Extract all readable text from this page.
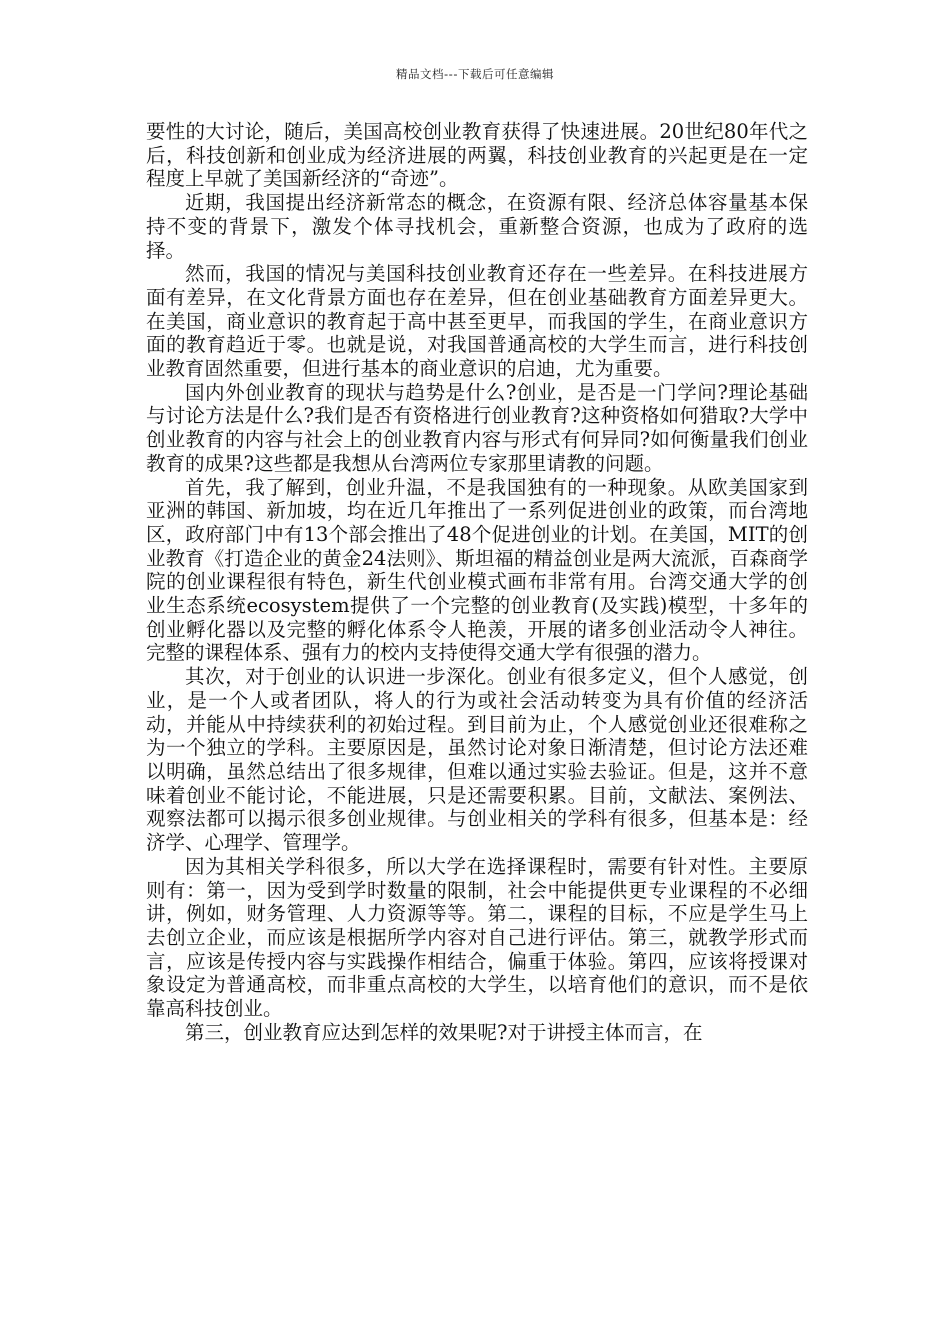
精品文档---下载后可任意编辑

要性的大讨论，随后，美国高校创业教育获得了快速进展。20世纪80年代之后，科技创新和创业成为经济进展的两翼，科技创业教育的兴起更是在一定程度上早就了美国新经济的“奇迹”。

近期，我国提出经济新常态的概念，在资源有限、经济总体容量基本保持不变的背景下，激发个体寻找机会，重新整合资源，也成为了政府的选择。

然而，我国的情况与美国科技创业教育还存在一些差异。在科技进展方面有差异，在文化背景方面也存在差异，但在创业基础教育方面差异更大。在美国，商业意识的教育起于高中甚至更早，而我国的学生，在商业意识方面的教育趋近于零。也就是说，对我国普通高校的大学生而言，进行科技创业教育固然重要，但进行基本的商业意识的启迪，尤为重要。

国内外创业教育的现状与趋势是什么?创业，是否是一门学问?理论基础与讨论方法是什么?我们是否有资格进行创业教育?这种资格如何猎取?大学中创业教育的内容与社会上的创业教育内容与形式有何异同?如何衡量我们创业教育的成果?这些都是我想从台湾两位专家那里请教的问题。

首先，我了解到，创业升温，不是我国独有的一种现象。从欧美国家到亚洲的韩国、新加坡，均在近几年推出了一系列促进创业的政策，而台湾地区，政府部门中有13个部会推出了48个促进创业的计划。在美国，MIT的创业教育《打造企业的黄金24法则》、斯坦福的精益创业是两大流派，百森商学院的创业课程很有特色，新生代创业模式画布非常有用。台湾交通大学的创业生态系统ecosystem提供了一个完整的创业教育(及实践)模型，十多年的创业孵化器以及完整的孵化体系令人艳羡，开展的诸多创业活动令人神往。完整的课程体系、强有力的校内支持使得交通大学有很强的潜力。

其次，对于创业的认识进一步深化。创业有很多定义，但个人感觉，创业，是一个人或者团队，将人的行为或社会活动转变为具有价值的经济活动，并能从中持续获利的初始过程。到目前为止，个人感觉创业还很难称之为一个独立的学科。主要原因是，虽然讨论对象日渐清楚，但讨论方法还难以明确，虽然总结出了很多规律，但难以通过实验去验证。但是，这并不意味着创业不能讨论，不能进展，只是还需要积累。目前，文献法、案例法、观察法都可以揭示很多创业规律。与创业相关的学科有很多，但基本是：经济学、心理学、管理学。

因为其相关学科很多，所以大学在选择课程时，需要有针对性。主要原则有：第一，因为受到学时数量的限制，社会中能提供更专业课程的不必细讲，例如，财务管理、人力资源等等。第二，课程的目标，不应是学生马上去创立企业，而应该是根据所学内容对自己进行评估。第三，就教学形式而言，应该是传授内容与实践操作相结合，偏重于体验。第四，应该将授课对象设定为普通高校，而非重点高校的大学生，以培育他们的意识，而不是依靠高科技创业。

第三，创业教育应达到怎样的效果呢?对于讲授主体而言，在
